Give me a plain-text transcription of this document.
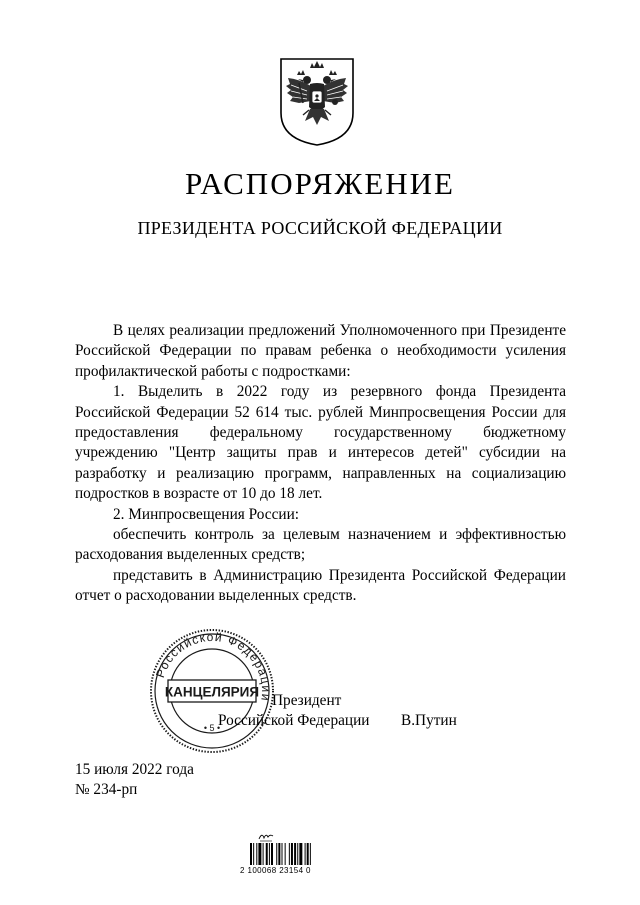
РАСПОРЯЖЕНИЕ
ПРЕЗИДЕНТА РОССИЙСКОЙ ФЕДЕРАЦИИ

В целях реализации предложений Уполномоченного при Президенте Российской Федерации по правам ребенка о необходимости усиления профилактической работы с подростками:

1. Выделить в 2022 году из резервного фонда Президента Российской Федерации 52 614 тыс. рублей Минпросвещения России для предоставления федеральному государственному бюджетному учреждению "Центр защиты прав и интересов детей" субсидии на разработку и реализацию программ, направленных на социализацию подростков в возрасте от 10 до 18 лет.

2. Минпросвещения России:

обеспечить контроль за целевым назначением и эффективностью расходования выделенных средств;

представить в Администрацию Президента Российской Федерации отчет о расходовании выделенных средств.

Российской Федерации
КАНЦЕЛЯРИЯ
• 5 •
Президент
Российской Федерации В.Путин
15 июля 2022 года
№ 234-рп
2 100068 23154 0
